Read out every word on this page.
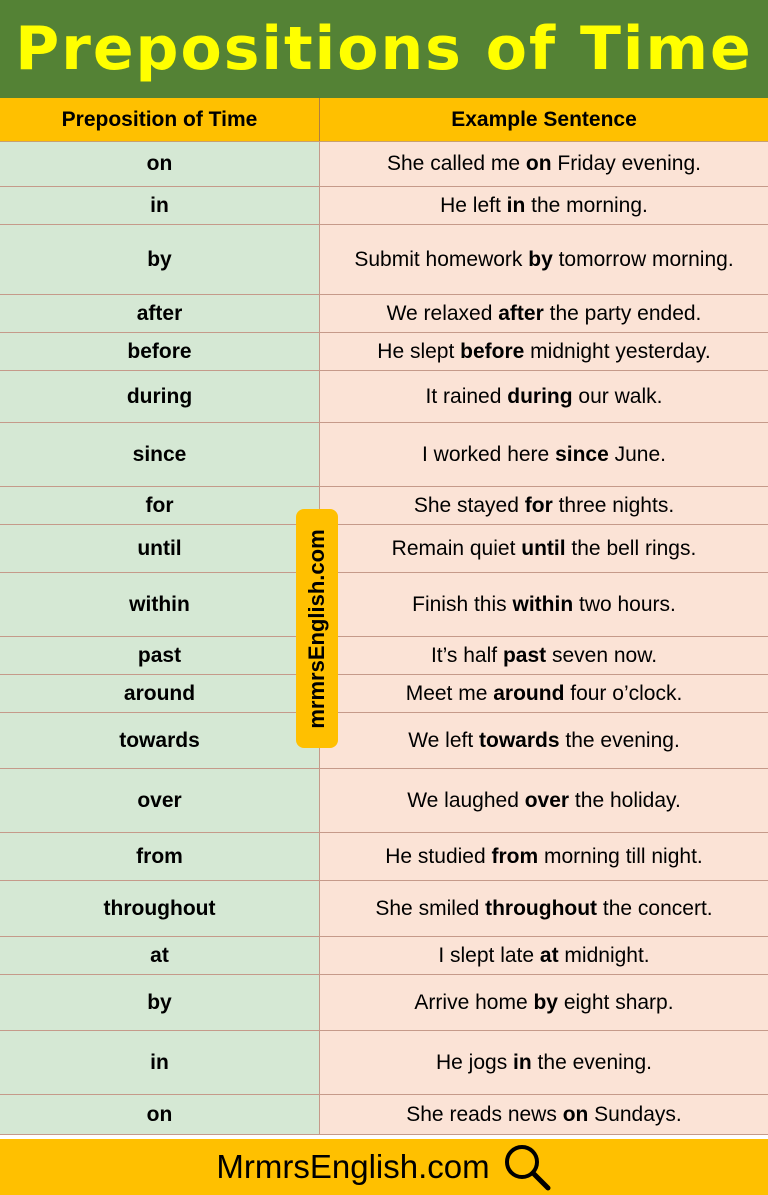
Prepositions of Time
Preposition of Time	Example Sentence
on	She called me on Friday evening.
in	He left in the morning.
by	Submit homework by tomorrow morning.
after	We relaxed after the party ended.
before	He slept before midnight yesterday.
during	It rained during our walk.
since	I worked here since June.
for	She stayed for three nights.
until	Remain quiet until the bell rings.
within	Finish this within two hours.
past	It’s half past seven now.
around	Meet me around four o’clock.
towards	We left towards the evening.
over	We laughed over the holiday.
from	He studied from morning till night.
throughout	She smiled throughout the concert.
at	I slept late at midnight.
by	Arrive home by eight sharp.
in	He jogs in the evening.
on	She reads news on Sundays.
mrmrsEnglish.com
MrmrsEnglish.com
